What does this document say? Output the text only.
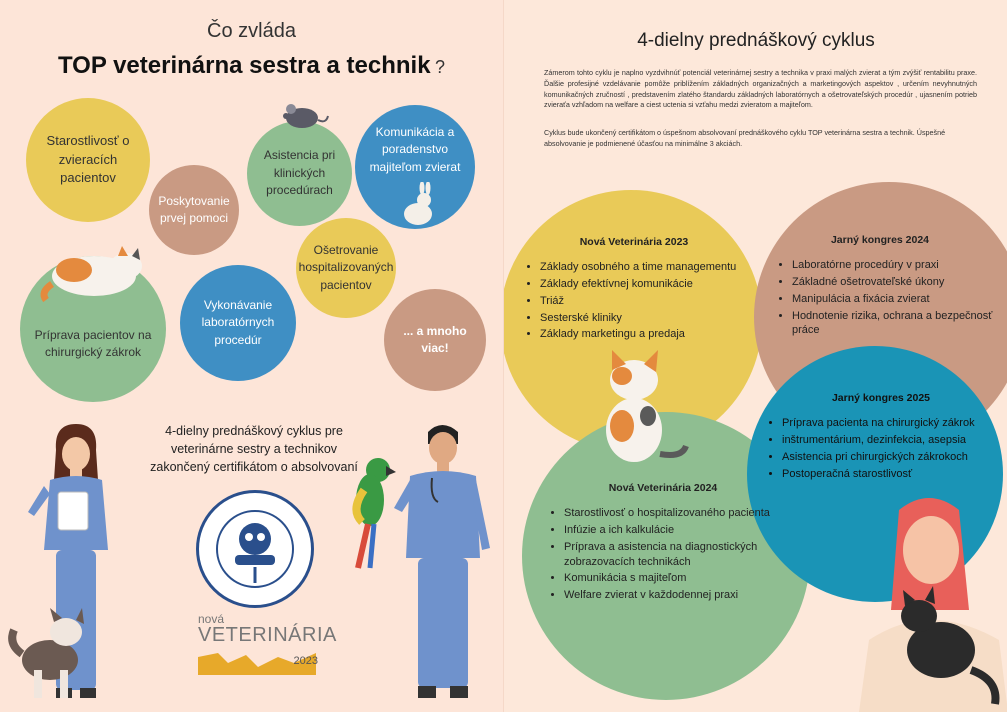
Čo zvláda
TOP veterinárna sestra a technik ?
Starostlivosť o zvieracích pacientov
Poskytovanie prvej pomoci
Asistencia pri klinických procedúrach
Komunikácia a poradenstvo majiteľom zvierat
Príprava pacientov na chirurgický zákrok
Vykonávanie laboratórnych procedúr
Ošetrovanie hospitalizovaných pacientov
... a mnoho viac!
4-dielny prednáškový cyklus pre veterinárne sestry a technikov zakončený certifikátom o absolvovaní
nová
VETERINÁRIA
2023
4-dielny prednáškový cyklus
Zámerom tohto cyklu je naplno vyzdvihnúť potenciál veterinárnej sestry a technika v praxi malých zvierat a tým zvýšiť rentabilitu praxe. Ďalšie profesijné vzdelávanie pomôže priblížením základných organizačných a marketingových aspektov , určením nevyhnutných komunikačných zručností , predstavením zlatého štandardu základných laboratórnych a ošetrovateľských procedúr , ujasnením potrieb zvieraťa vzhľadom na welfare a ciest uctenia si vzťahu medzi zvieratom a majiteľom.
Cyklus bude ukončený certifikátom o úspešnom absolvovaní prednáškového cyklu TOP veterinárna sestra a technik. Úspešné absolvovanie je podmienené účasťou na minimálne 3 akciách.
Nová Veterinária 2023
• Základy osobného a time managementu
• Základy efektívnej komunikácie
• Triáž
• Sesterské kliniky
• Základy marketingu a predaja
Jarný kongres 2024
• Laboratórne procedúry v praxi
• Základné ošetrovateľské úkony
• Manipulácia a fixácia zvierat
• Hodnotenie rizika, ochrana a bezpečnosť práce
Jarný kongres 2025
• Príprava pacienta na chirurgický zákrok
• inštrumentárium, dezinfekcia, asepsia
• Asistencia pri chirurgických zákrokoch
• Postoperačná starostlivosť
Nová Veterinária 2024
• Starostlivosť o hospitalizovaného pacienta
• Infúzie a ich kalkulácie
• Príprava a asistencia na diagnostických zobrazovacích technikách
• Komunikácia s majiteľom
• Welfare zvierat v každodennej praxi
